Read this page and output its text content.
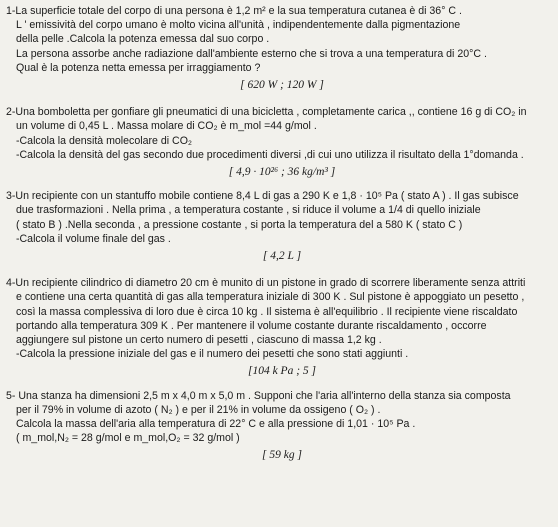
1-La superficie totale del corpo di una persona è 1,2 m² e la sua temperatura cutanea è di 36° C .
L ' emissività del corpo umano è molto vicina all'unità , indipendentemente dalla pigmentazione
della pelle .Calcola la potenza emessa dal suo corpo .
La persona assorbe anche radiazione dall'ambiente esterno che si trova a una temperatura di 20°C .
Qual è la potenza netta emessa per irraggiamento ?
[ 620 W ; 120 W ]
2-Una bomboletta per gonfiare gli pneumatici di una bicicletta , completamente carica ,, contiene 16 g di CO₂ in
un volume di 0,45 L . Massa molare di CO₂ è m_mol =44 g/mol .
-Calcola la densità molecolare di CO₂
-Calcola la densità del gas secondo due procedimenti diversi ,di cui uno utilizza il risultato della 1°domanda .
[ 4,9 · 10²⁶ ; 36 kg/m³ ]
3-Un recipiente con un stantuffo mobile contiene 8,4 L di gas a 290 K e 1,8 · 10⁵ Pa ( stato A ) . Il gas subisce
due trasformazioni . Nella prima , a temperatura costante , si riduce il volume a 1/4 di quello iniziale
( stato B ) .Nella seconda , a pressione costante , si porta la temperatura del a 580 K ( stato C )
-Calcola il volume finale del gas .
[ 4,2 L ]
4-Un recipiente cilindrico di diametro 20 cm è munito di un pistone in grado di scorrere liberamente senza attriti
e contiene una certa quantità di gas alla temperatura iniziale di 300 K . Sul pistone è appoggiato un pesetto ,
così la massa complessiva di loro due è circa 10 kg . Il sistema è all'equilibrio . Il recipiente viene riscaldato
portando alla temperatura 309 K . Per mantenere il volume costante durante riscaldamento , occorre
aggiungere sul pistone un certo numero di pesetti , ciascuno di massa 1,2 kg .
-Calcola la pressione iniziale del gas e il numero dei pesetti che sono stati aggiunti .
[104 k Pa ; 5 ]
5- Una stanza ha dimensioni 2,5 m x 4,0 m x 5,0 m . Supponi che l'aria all'interno della stanza sia composta
per il 79% in volume di azoto ( N₂ ) e per il 21% in volume da ossigeno ( O₂ ) .
Calcola la massa dell'aria alla temperatura di 22° C e alla pressione di 1,01 · 10⁵ Pa .
( m_mol,N₂ = 28 g/mol e m_mol,O₂ = 32 g/mol )
[ 59 kg ]
